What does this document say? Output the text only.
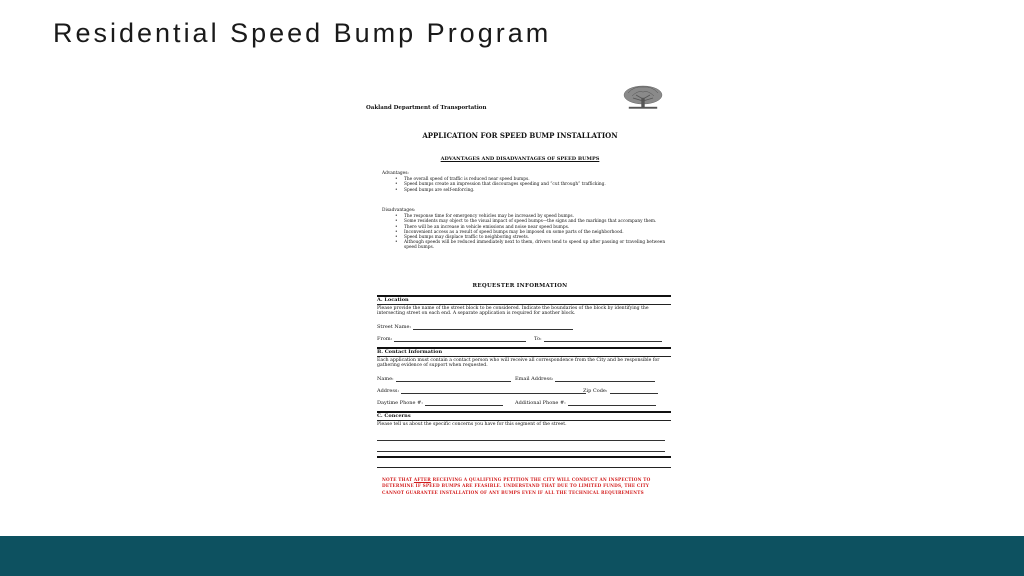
Residential Speed Bump Program
Oakland Department of Transportation
APPLICATION FOR SPEED BUMP INSTALLATION
ADVANTAGES AND DISADVANTAGES OF SPEED BUMPS
Advantages:
• The overall speed of traffic is reduced near speed bumps.
• Speed bumps create an impression that discourages speeding and “cut through” trafficking.
• Speed bumps are self-enforcing.
Disadvantages:
• The response time for emergency vehicles may be increased by speed bumps.
• Some residents may object to the visual impact of speed bumps—the signs and the markings that accompany them.
• There will be an increase in vehicle emissions and noise near speed bumps.
• Inconvenient access as a result of speed bumps may be imposed on some parts of the neighborhood.
• Speed bumps may displace traffic to neighboring streets.
• Although speeds will be reduced immediately next to them, drivers tend to speed up after passing or traveling between speed bumps.
REQUESTER INFORMATION
A. Location
Please provide the name of the street block to be considered. Indicate the boundaries of the block by identifying the intersecting street on each end. A separate application is required for another block.
Street Name:
From:	To:
B. Contact Information
Each application must contain a contact person who will receive all correspondence from the City and be responsible for gathering evidence of support when requested.
Name:	Email Address:
Address:	Zip Code:
Daytime Phone #:	Additional Phone #:
C. Concerns
Please tell us about the specific concerns you have for this segment of the street.
NOTE THAT AFTER RECEIVING A QUALIFYING PETITION THE CITY WILL CONDUCT AN INSPECTION TO DETERMINE IF SPEED BUMPS ARE FEASIBLE. UNDERSTAND THAT DUE TO LIMITED FUNDS, THE CITY CANNOT GUARANTEE INSTALLATION OF ANY BUMPS EVEN IF ALL THE TECHNICAL REQUIREMENTS
